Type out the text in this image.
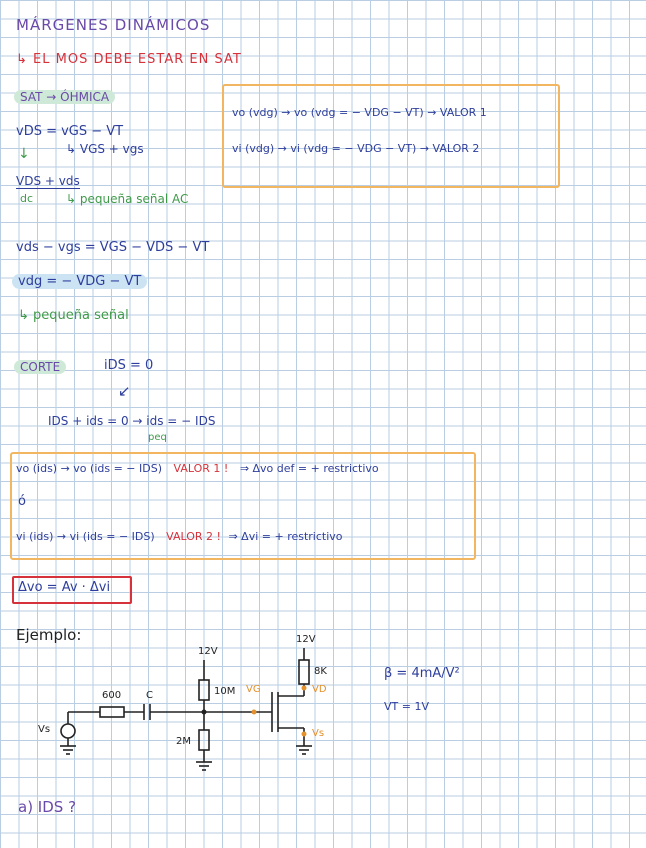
MÁRGENES DINÁMICOS
↳ EL MOS DEBE ESTAR EN SAT
SAT → ÓHMICA
vDS = vGS − VT
↳ VGS + vgs
↓
VDS + vds
dc	↳ pequeña señal AC
vo (vdg) → vo (vdg = − VDG − VT) → VALOR 1
vi (vdg) → vi (vdg = − VDG − VT) → VALOR 2
vds − vgs = VGS − VDS − VT
vdg = − VDG − VT
↳ pequeña señal
CORTE	iDS = 0
↙
IDS + ids = 0 → ids = − IDS
peq
vo (ids) → vo (ids = − IDS) VALOR 1 ! ⇒ Δvo def = + restrictivo
ó
vi (ids) → vi (ids = − IDS) VALOR 2 ! ⇒ Δvi = + restrictivo
Δvo = Av · Δvi
Ejemplo:
12V
12V
600 C	10M
2M
8K
Vs
VG	VD
Vs
β = 4mA/V²
VT = 1V
a) IDS ?
